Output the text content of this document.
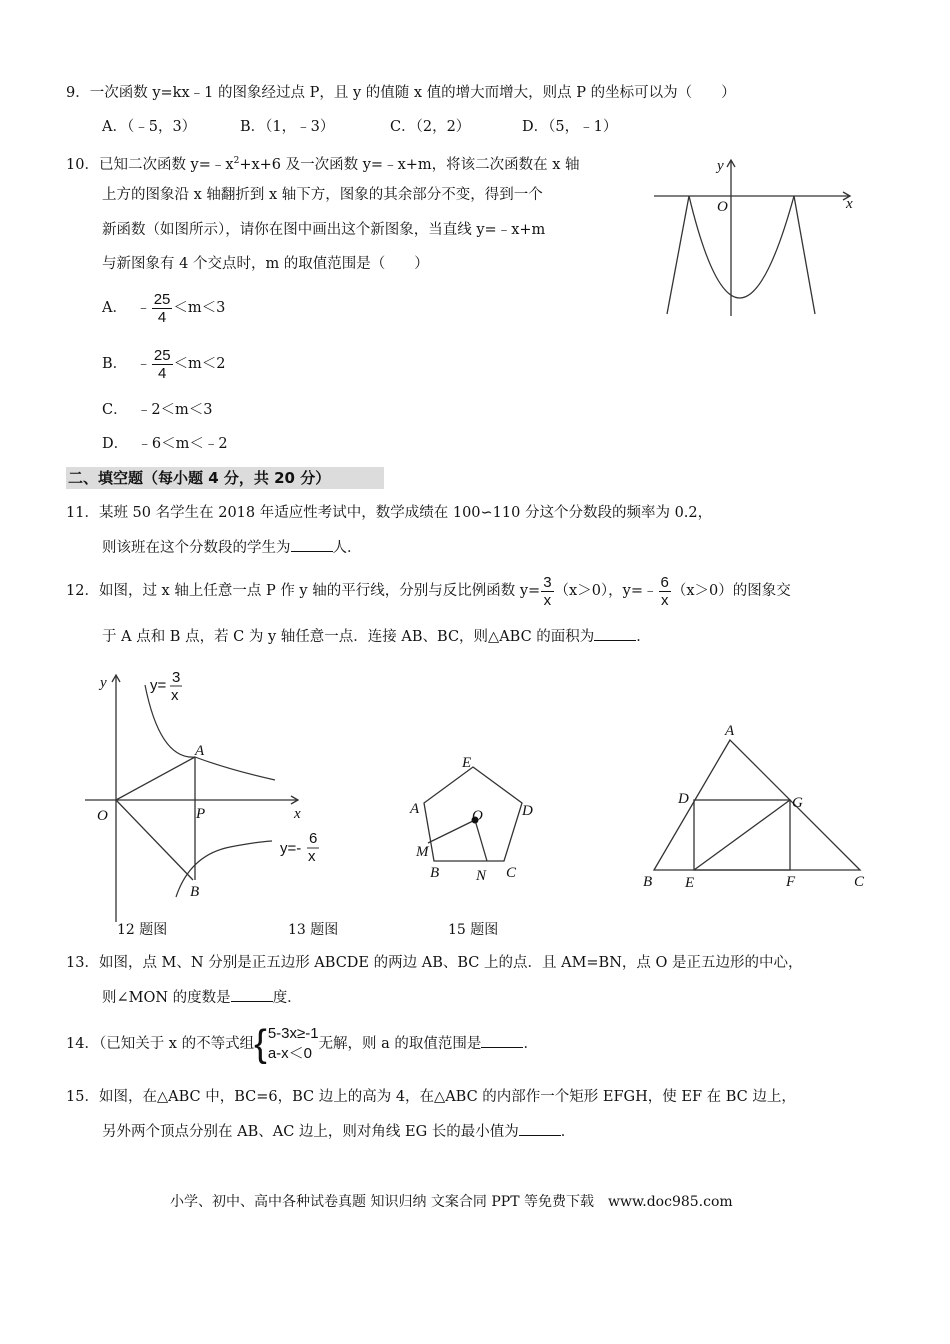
9．一次函数 y=kx﹣1 的图象经过点 P，且 y 的值随 x 值的增大而增大，则点 P 的坐标可以为（　　）
A．（﹣5，3）	B．（1，﹣3）	C．（2，2）	D．（5，﹣1）
10．已知二次函数 $y=﹣x^2+x+6$ 及一次函数 y=﹣x+m，将该二次函数在 x 轴
上方的图象沿 x 轴翻折到 x 轴下方，图象的其余部分不变，得到一个
新函数（如图所示），请你在图中画出这个新图象，当直线 y=﹣x+m
与新图象有 4 个交点时，m 的取值范围是（　　）
A． ﹣ $\frac{25}{4} <m<3$
B． ﹣ $\frac{25}{4} <m<2$
C． ﹣2＜m＜3
D． ﹣6＜m＜﹣2
x
y
O
二、填空题（每小题 4 分，共 20 分）
11．某班 50 名学生在 2018 年适应性考试中，数学成绩在 100∽110 分这个分数段的频率为 0.2，
则该班在这个分数段的学生为	人．
12．如图，过 x 轴上任意一点 P 作 y 轴的平行线，分别与反比例函数 $y= \frac{3}{x} (x>0)$，y=﹣ $\frac{6}{x} (x>0)$的图象交
于 A 点和 B 点，若 C 为 y 轴任意一点．连接 AB、BC，则△ABC 的面积为	．
x
y
O
A
P
B
y= 3
x
y=-
6
x
E
A	D
O
M
B N C
A
D	G
B E	F	C
12 题图	13 题图	15 题图
13．如图，点 M、N 分别是正五边形 ABCDE 的两边 AB、BC 上的点．且 AM=BN，点 O 是正五边形的中心，
则∠MON 的度数是	度．
14．（已知关于 x 的不等式组 { 5-3x≥-1
a-x＜0
无解，则 a 的取值范围是	．
15．如图，在△ABC 中，BC=6，BC 边上的高为 4，在△ABC 的内部作一个矩形 EFGH，使 EF 在 BC 边上，
另外两个顶点分别在 AB、AC 边上，则对角线 EG 长的最小值为	．
小学、初中、高中各种试卷真题 知识归纳 文案合同 PPT 等免费下载　www.doc985.com
